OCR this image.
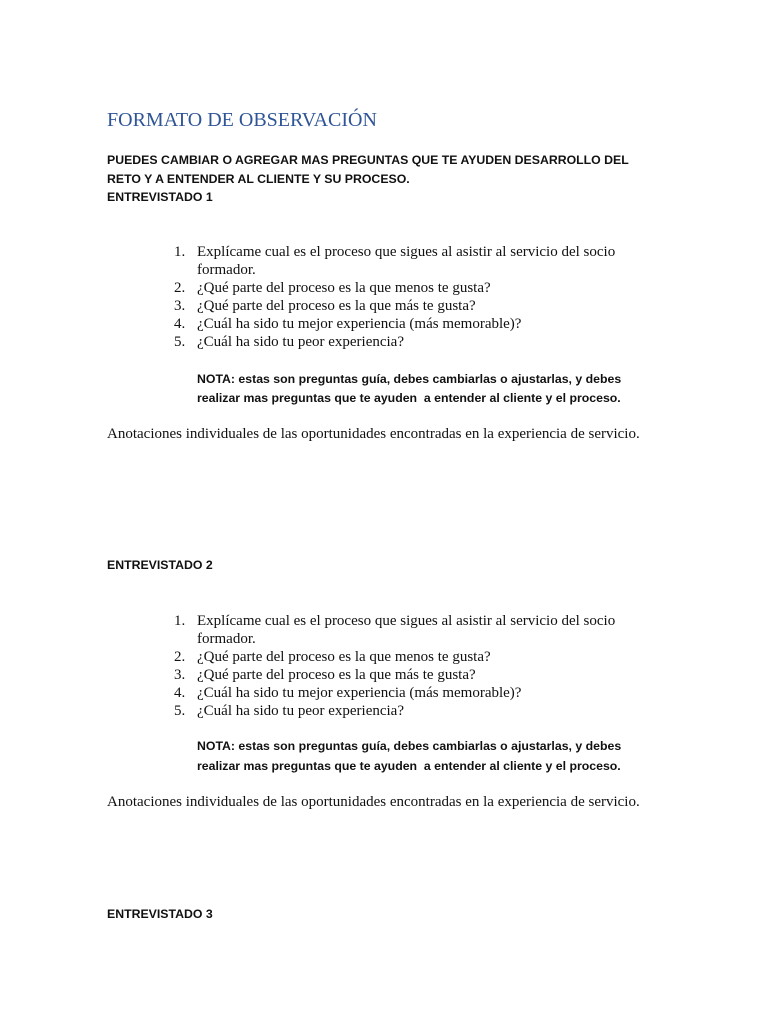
FORMATO DE OBSERVACIÓN
PUEDES CAMBIAR O AGREGAR MAS PREGUNTAS QUE TE AYUDEN DESARROLLO DEL
RETO Y A ENTENDER AL CLIENTE Y SU PROCESO.
ENTREVISTADO 1
1. Explícame cual es el proceso que sigues al asistir al servicio del socio formador.
2. ¿Qué parte del proceso es la que menos te gusta?
3. ¿Qué parte del proceso es la que más te gusta?
4. ¿Cuál ha sido tu mejor experiencia (más memorable)?
5. ¿Cuál ha sido tu peor experiencia?
NOTA: estas son preguntas guía, debes cambiarlas o ajustarlas, y debes
realizar mas preguntas que te ayuden  a entender al cliente y el proceso.

Anotaciones individuales de las oportunidades encontradas en la experiencia de servicio.

ENTREVISTADO 2
1. Explícame cual es el proceso que sigues al asistir al servicio del socio formador.
2. ¿Qué parte del proceso es la que menos te gusta?
3. ¿Qué parte del proceso es la que más te gusta?
4. ¿Cuál ha sido tu mejor experiencia (más memorable)?
5. ¿Cuál ha sido tu peor experiencia?
NOTA: estas son preguntas guía, debes cambiarlas o ajustarlas, y debes
realizar mas preguntas que te ayuden  a entender al cliente y el proceso.

Anotaciones individuales de las oportunidades encontradas en la experiencia de servicio.

ENTREVISTADO 3
